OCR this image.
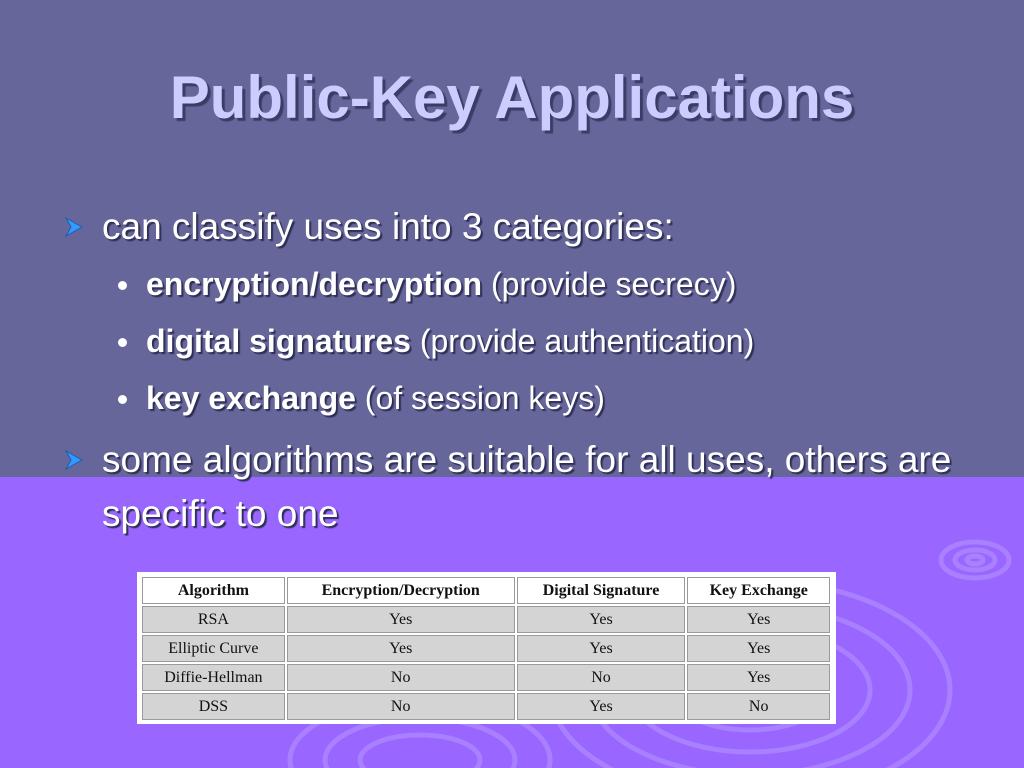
Public-Key Applications
can classify uses into 3 categories:
encryption/decryption (provide secrecy)
digital signatures (provide authentication)
key exchange (of session keys)
some algorithms are suitable for all uses, others are specific to one
Algorithm	Encryption/Decryption	Digital Signature	Key Exchange
RSA	Yes	Yes	Yes
Elliptic Curve	Yes	Yes	Yes
Diffie-Hellman	No	No	Yes
DSS	No	Yes	No
